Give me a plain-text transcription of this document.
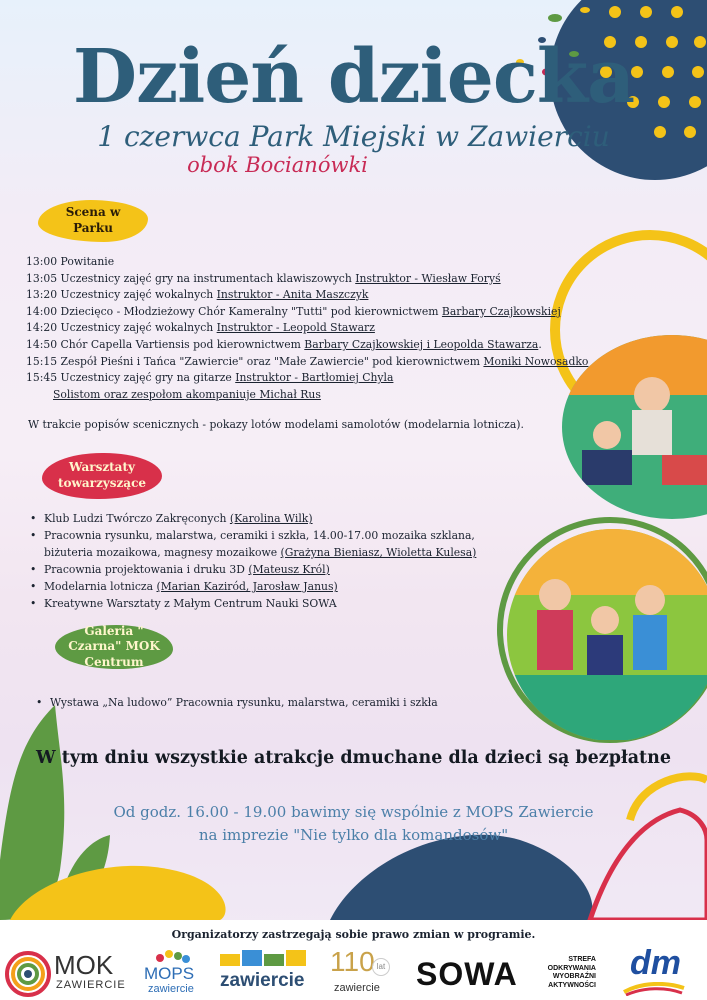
Dzień dziecka
1 czerwca Park Miejski w Zawierciu
obok Bocianówki
Scena w Parku
13:00 Powitanie
13:05 Uczestnicy zajęć gry na instrumentach klawiszowych Instruktor - Wiesław Foryś
13:20 Uczestnicy zajęć wokalnych Instruktor - Anita Maszczyk
14:00 Dziecięco - Młodzieżowy Chór Kameralny "Tutti" pod kierownictwem Barbary Czajkowskiej
14:20 Uczestnicy zajęć wokalnych Instruktor - Leopold Stawarz
14:50 Chór Capella Vartiensis pod kierownictwem Barbary Czajkowskiej i Leopolda Stawarza.
15:15 Zespół Pieśni i Tańca "Zawiercie" oraz "Małe Zawiercie" pod kierownictwem Moniki Nowosadko
15:45 Uczestnicy zajęć gry na gitarze Instruktor - Bartłomiej Chyla
Solistom oraz zespołom akompaniuje Michał Rus
W trakcie popisów scenicznych - pokazy lotów modelami samolotów (modelarnia lotnicza).
Warsztaty towarzyszące
• Klub Ludzi Twórczo Zakręconych (Karolina Wilk)
• Pracownia rysunku, malarstwa, ceramiki i szkła, 14.00-17.00 mozaika szklana,
biżuteria mozaikowa, magnesy mozaikowe (Grażyna Bieniasz, Wioletta Kulesa)
• Pracownia projektowania i druku 3D (Mateusz Król)
• Modelarnia lotnicza (Marian Kaziród, Jarosław Janus)
• Kreatywne Warsztaty z Małym Centrum Nauki SOWA
Galeria " Czarna" MOK Centrum
• Wystawa „Na ludowo” Pracownia rysunku, malarstwa, ceramiki i szkła
W tym dniu wszystkie atrakcje dmuchane dla dzieci są bezpłatne
Od godz. 16.00 - 19.00 bawimy się wspólnie z MOPS Zawiercie
na imprezie "Nie tylko dla komandosów"
Organizatorzy zastrzegają sobie prawo zmian w programie.
MOK
ZAWIERCIE
MOPS
zawiercie zawiercie
110 lat
zawiercie SOWA	STREFA
ODKRYWANIA
WYOBRAŹNI
AKTYWNOŚCI
dm
